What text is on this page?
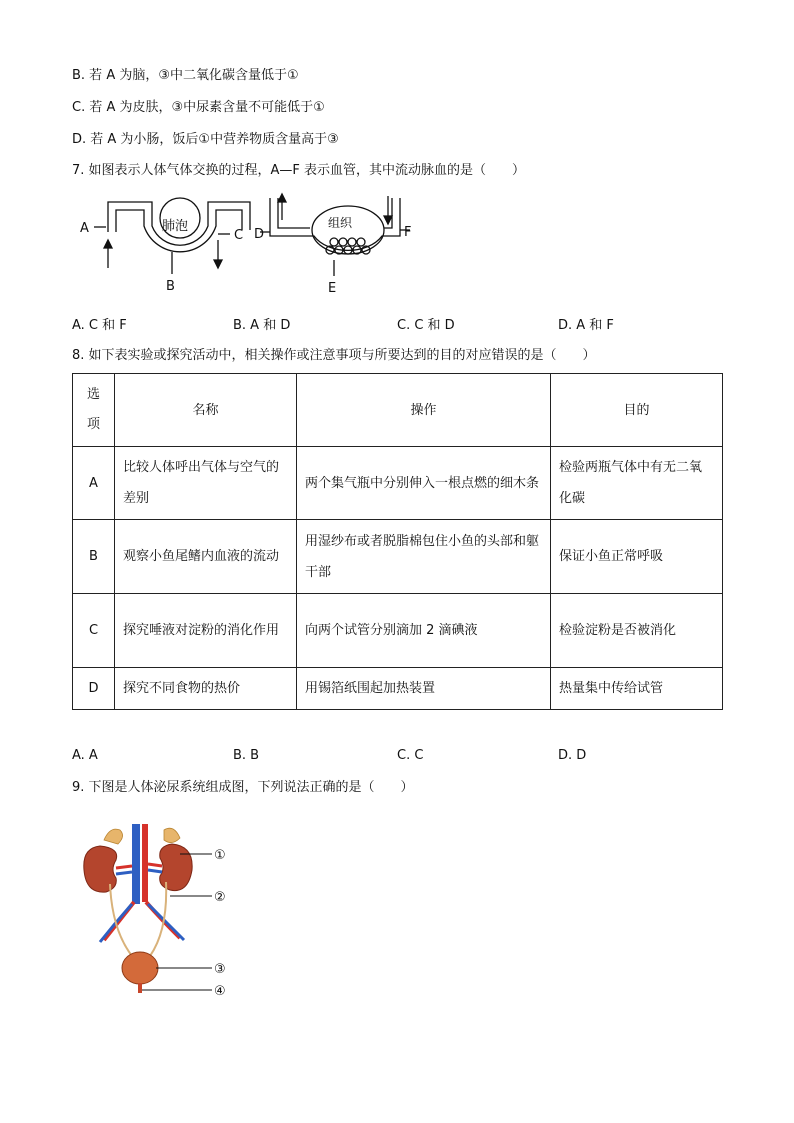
B. 若 A 为脑，③中二氧化碳含量低于①
C. 若 A 为皮肤，③中尿素含量不可能低于①
D. 若 A 为小肠，饭后①中营养物质含量高于③
7. 如图表示人体气体交换的过程，A—F 表示血管，其中流动脉血的是（　　）
肺泡	组织
A
B
C D
E
F
A. C 和 F	B. A 和 D	C. C 和 D	D. A 和 F
8. 如下表实验或探究活动中，相关操作或注意事项与所要达到的目的对应错误的是（　　）
选
项	名称	操作	目的
A	比较人体呼出气体与空气的差别	两个集气瓶中分别伸入一根点燃的细木条	检验两瓶气体中有无二氧化碳
B	观察小鱼尾鳍内血液的流动	用湿纱布或者脱脂棉包住小鱼的头部和躯干部	保证小鱼正常呼吸
C	探究唾液对淀粉的消化作用	向两个试管分别滴加 2 滴碘液	检验淀粉是否被消化
D	探究不同食物的热价	用锡箔纸围起加热装置	热量集中传给试管
A. A	B. B	C. C	D. D
9. 下图是人体泌尿系统组成图，下列说法正确的是（　　）
①
②
③
④
